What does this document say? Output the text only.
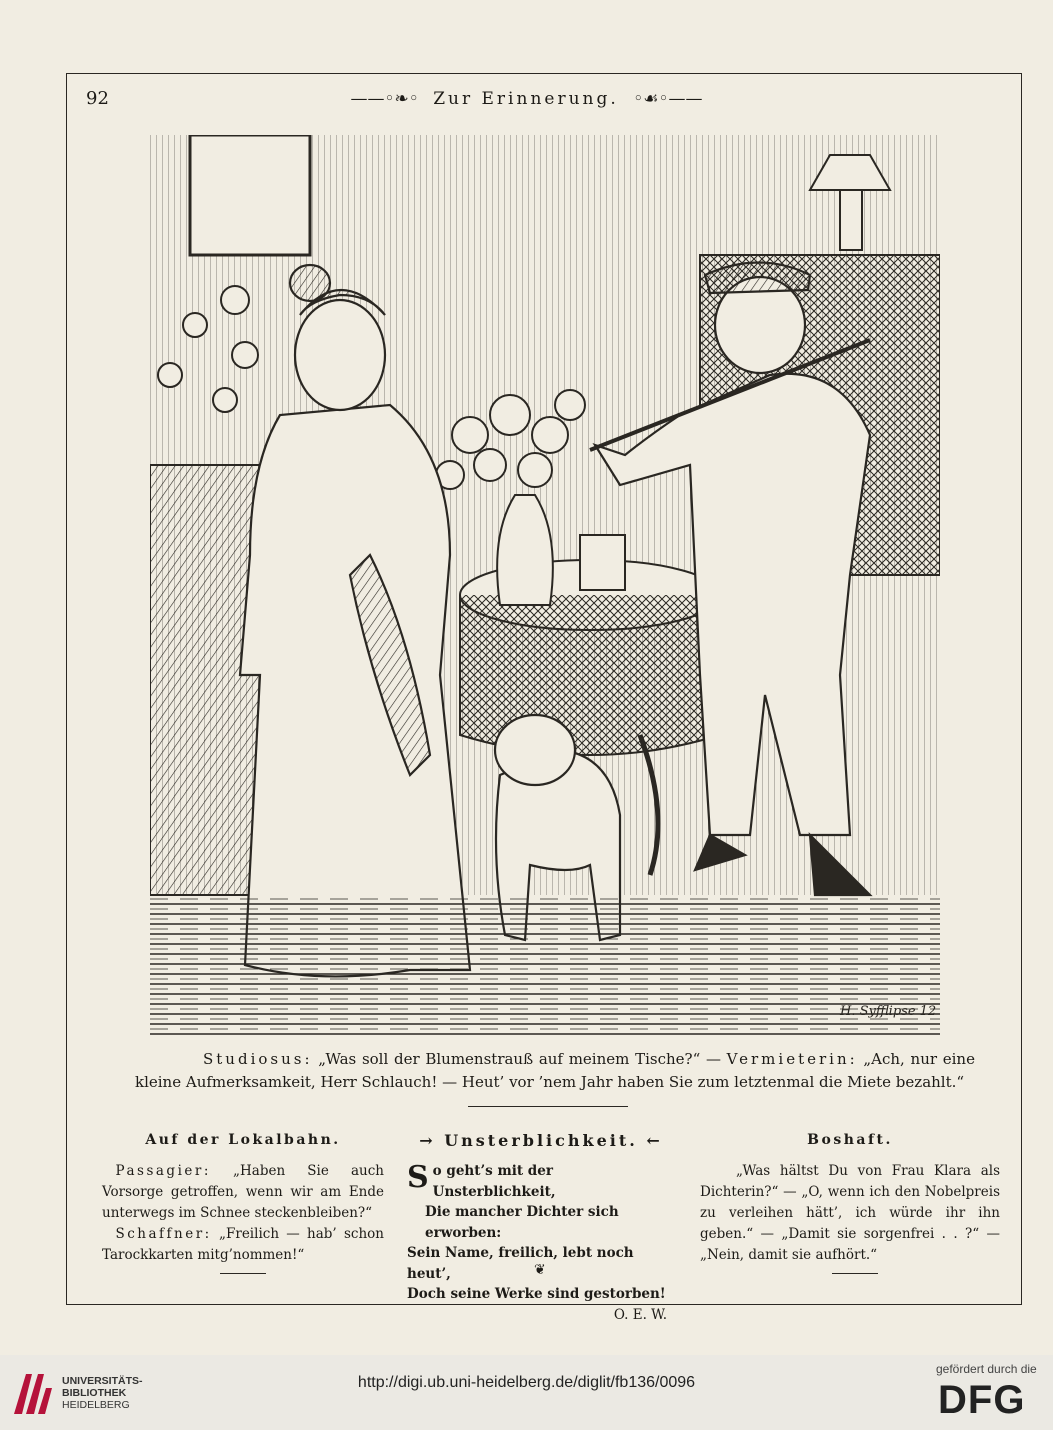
92	——◦❧◦ Zur Erinnerung. ◦☙◦——
H. Syfflipse 12
Studiosus: „Was soll der Blumenstrauß auf meinem Tische?“ — Vermieterin: „Ach, nur eine kleine Aufmerksamkeit, Herr Schlauch! — Heut’ vor ’nem Jahr haben Sie zum letztenmal die Miete bezahlt.“
Auf der Lokalbahn.

 Passagier: „Haben Sie auch Vorsorge getroffen, wenn wir am Ende unterwegs im Schnee steckenbleiben?“

 Schaffner: „Freilich — hab’ schon Tarockkarten mitg’nommen!“

→ Unsterblichkeit. ←
S o geht’s mit der Unsterblichkeit,
Die mancher Dichter sich erworben:
Sein Name, freilich, lebt noch heut’,
Doch seine Werke sind gestorben!
O. E. W.
Boshaft.

„Was hältst Du von Frau Klara als Dichterin?“ — „O, wenn ich den Nobelpreis zu verleihen hätt’, ich würde ihr ihn geben.“ — „Damit sie sorgenfrei . . ?“ — „Nein, damit sie aufhört.“

❦
UNIVERSITÄTS-
BIBLIOTHEK
HEIDELBERG
http://digi.ub.uni-heidelberg.de/diglit/fb136/0096
gefördert durch die
DFG
